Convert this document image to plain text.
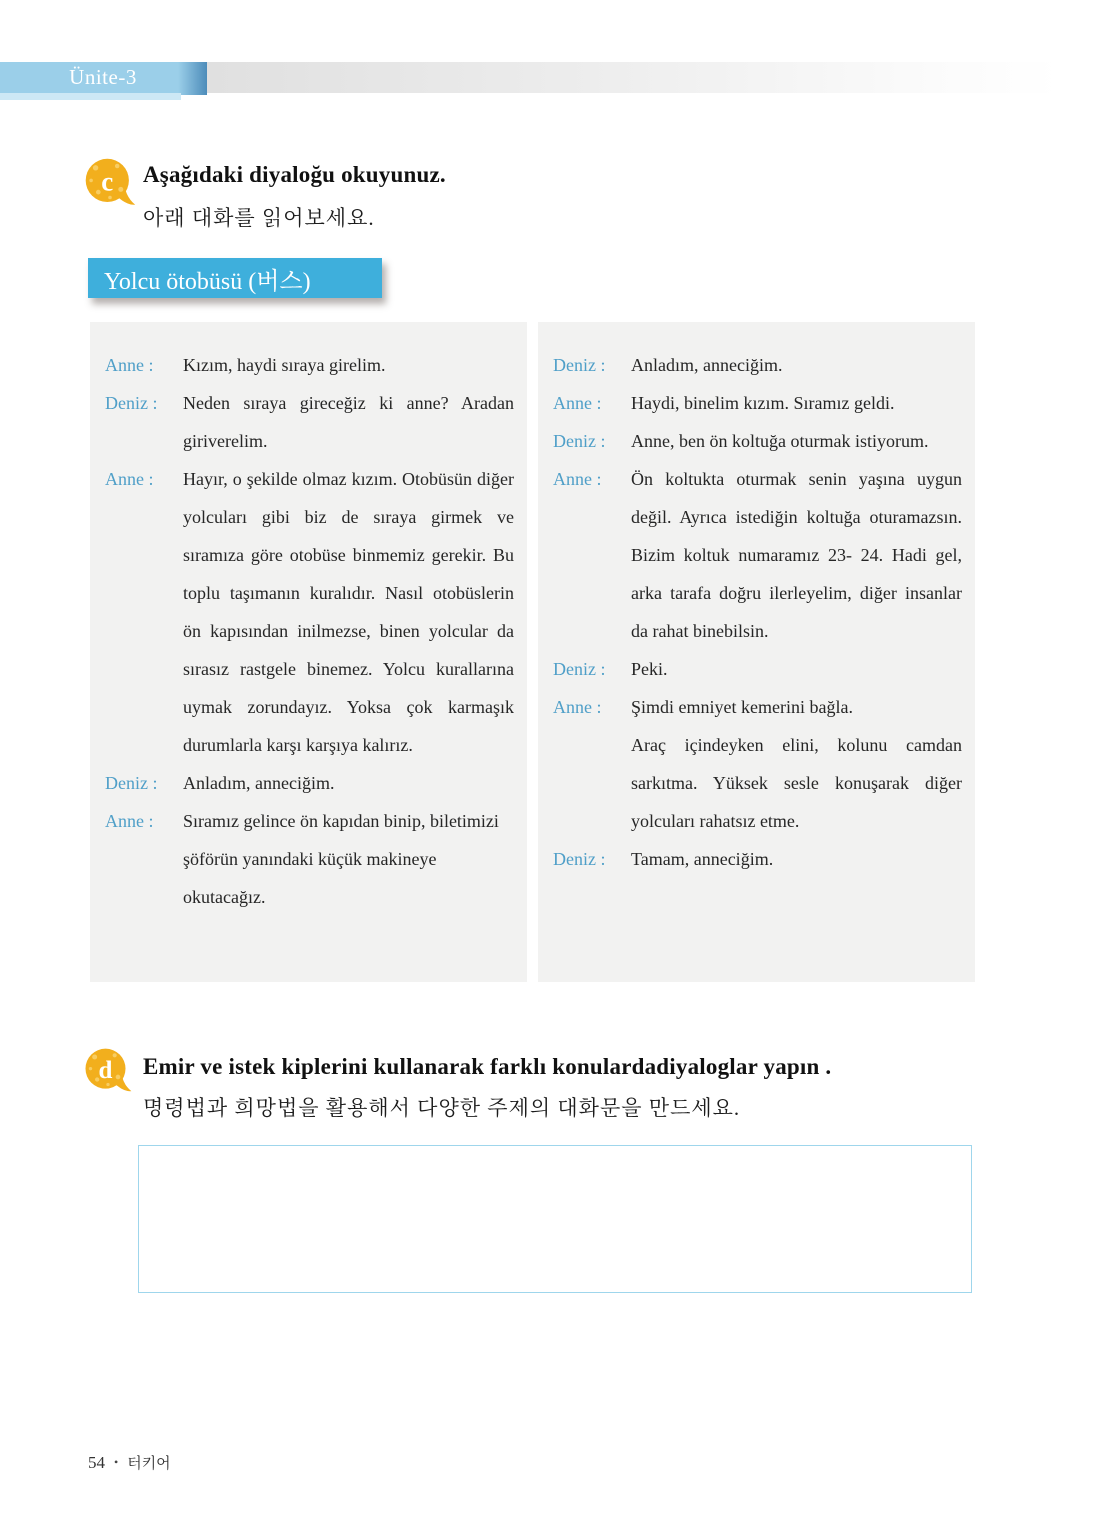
Ünite-3
c Aşağıdaki diyaloğu okuyunuz.
아래 대화를 읽어보세요.
Yolcu ötobüsü (버스)
Anne :	Kızım, haydi sıraya girelim.
Deniz :	Neden sıraya gireceğiz ki anne? Aradan giriverelim.
Anne :	Hayır, o şekilde olmaz kızım. Otobüsün diğer yolcuları gibi biz de sıraya girmek ve sıramıza göre otobüse binmemiz gerekir. Bu toplu taşımanın kuralıdır. Nasıl otobüslerin ön kapısından inilmezse, binen yolcular da sırasız rastgele binemez. Yolcu kurallarına uymak zorundayız. Yoksa çok karmaşık durumlarla karşı karşıya kalırız.
Deniz :	Anladım, anneciğim.
Anne :	Sıramız gelince ön kapıdan binip, biletimizi şöförün yanındaki küçük makineye okutacağız.
Deniz :	Anladım, anneciğim.
Anne :	Haydi, binelim kızım. Sıramız geldi.
Deniz :	Anne, ben ön koltuğa oturmak istiyorum.
Anne :	Ön koltukta oturmak senin yaşına uygun değil. Ayrıca istediğin koltuğa oturamazsın. Bizim koltuk numaramız 23- 24. Hadi gel, arka tarafa doğru ilerleyelim, diğer insanlar da rahat binebilsin.
Deniz :	Peki.
Anne :	Şimdi emniyet kemerini bağla.
Araç içindeyken elini, kolunu camdan sarkıtma. Yüksek sesle konuşarak diğer yolcuları rahatsız etme.
Deniz :	Tamam, anneciğim.
d Emir ve istek kiplerini kullanarak farklı konulardadiyaloglar yapın .
명령법과 희망법을 활용해서 다양한 주제의 대화문을 만드세요.
54 • 터키어
